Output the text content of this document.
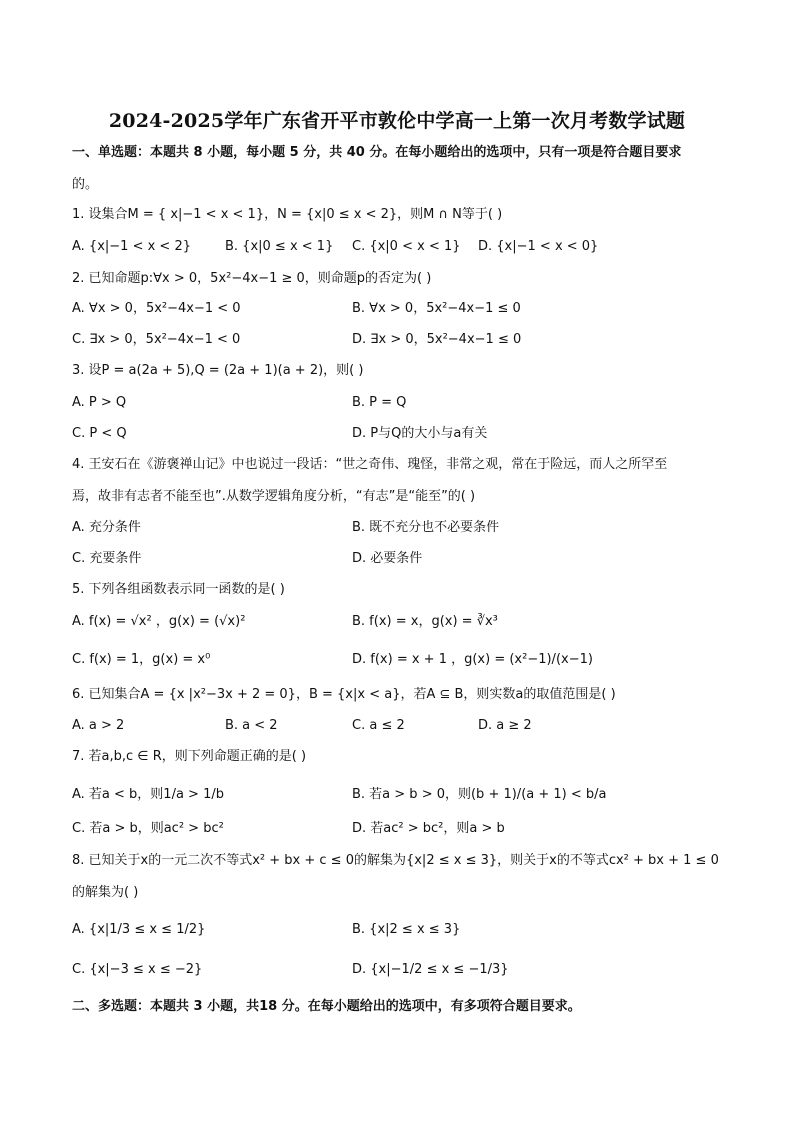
2024-2025学年广东省开平市敦伦中学高一上第一次月考数学试题
一、单选题：本题共 8 小题，每小题 5 分，共 40 分。在每小题给出的选项中，只有一项是符合题目要求
的。
1. 设集合M = { x|−1 < x < 1}，N = {x|0 ≤ x < 2}，则M ∩ N等于( )
A. {x|−1 < x < 2}	B. {x|0 ≤ x < 1} C. {x|0 < x < 1} D. {x|−1 < x < 0}
2. 已知命题p:∀x > 0，5x²−4x−1 ≥ 0，则命题p的否定为( )
A. ∀x > 0，5x²−4x−1 < 0	B. ∀x > 0，5x²−4x−1 ≤ 0
C. ∃x > 0，5x²−4x−1 < 0	D. ∃x > 0，5x²−4x−1 ≤ 0
3. 设P = a(2a + 5),Q = (2a + 1)(a + 2)，则( )
A. P > Q	B. P = Q
C. P < Q	D. P与Q的大小与a有关
4. 王安石在《游褒禅山记》中也说过一段话：“世之奇伟、瑰怪，非常之观，常在于险远，而人之所罕至
焉，故非有志者不能至也”.从数学逻辑角度分析，“有志”是“能至”的( )
A. 充分条件	B. 既不充分也不必要条件
C. 充要条件	D. 必要条件
5. 下列各组函数表示同一函数的是( )
A. f(x) = √x² ，g(x) = (√x)²	B. f(x) = x，g(x) = ∛x³
C. f(x) = 1，g(x) = x⁰	D. f(x) = x + 1 ，g(x) = (x²−1)/(x−1)
6. 已知集合A = {x |x²−3x + 2 = 0}，B = {x|x < a}，若A ⊆ B，则实数a的取值范围是( )
A. a > 2	B. a < 2	C. a ≤ 2	D. a ≥ 2
7. 若a,b,c ∈ R，则下列命题正确的是( )
A. 若a < b，则1/a > 1/b	B. 若a > b > 0，则(b + 1)/(a + 1) < b/a
C. 若a > b，则ac² > bc²	D. 若ac² > bc²，则a > b
8. 已知关于x的一元二次不等式x² + bx + c ≤ 0的解集为{x|2 ≤ x ≤ 3}，则关于x的不等式cx² + bx + 1 ≤ 0
的解集为( )
A. {x|1/3 ≤ x ≤ 1/2}	B. {x|2 ≤ x ≤ 3}
C. {x|−3 ≤ x ≤ −2}	D. {x|−1/2 ≤ x ≤ −1/3}
二、多选题：本题共 3 小题，共18 分。在每小题给出的选项中，有多项符合题目要求。
